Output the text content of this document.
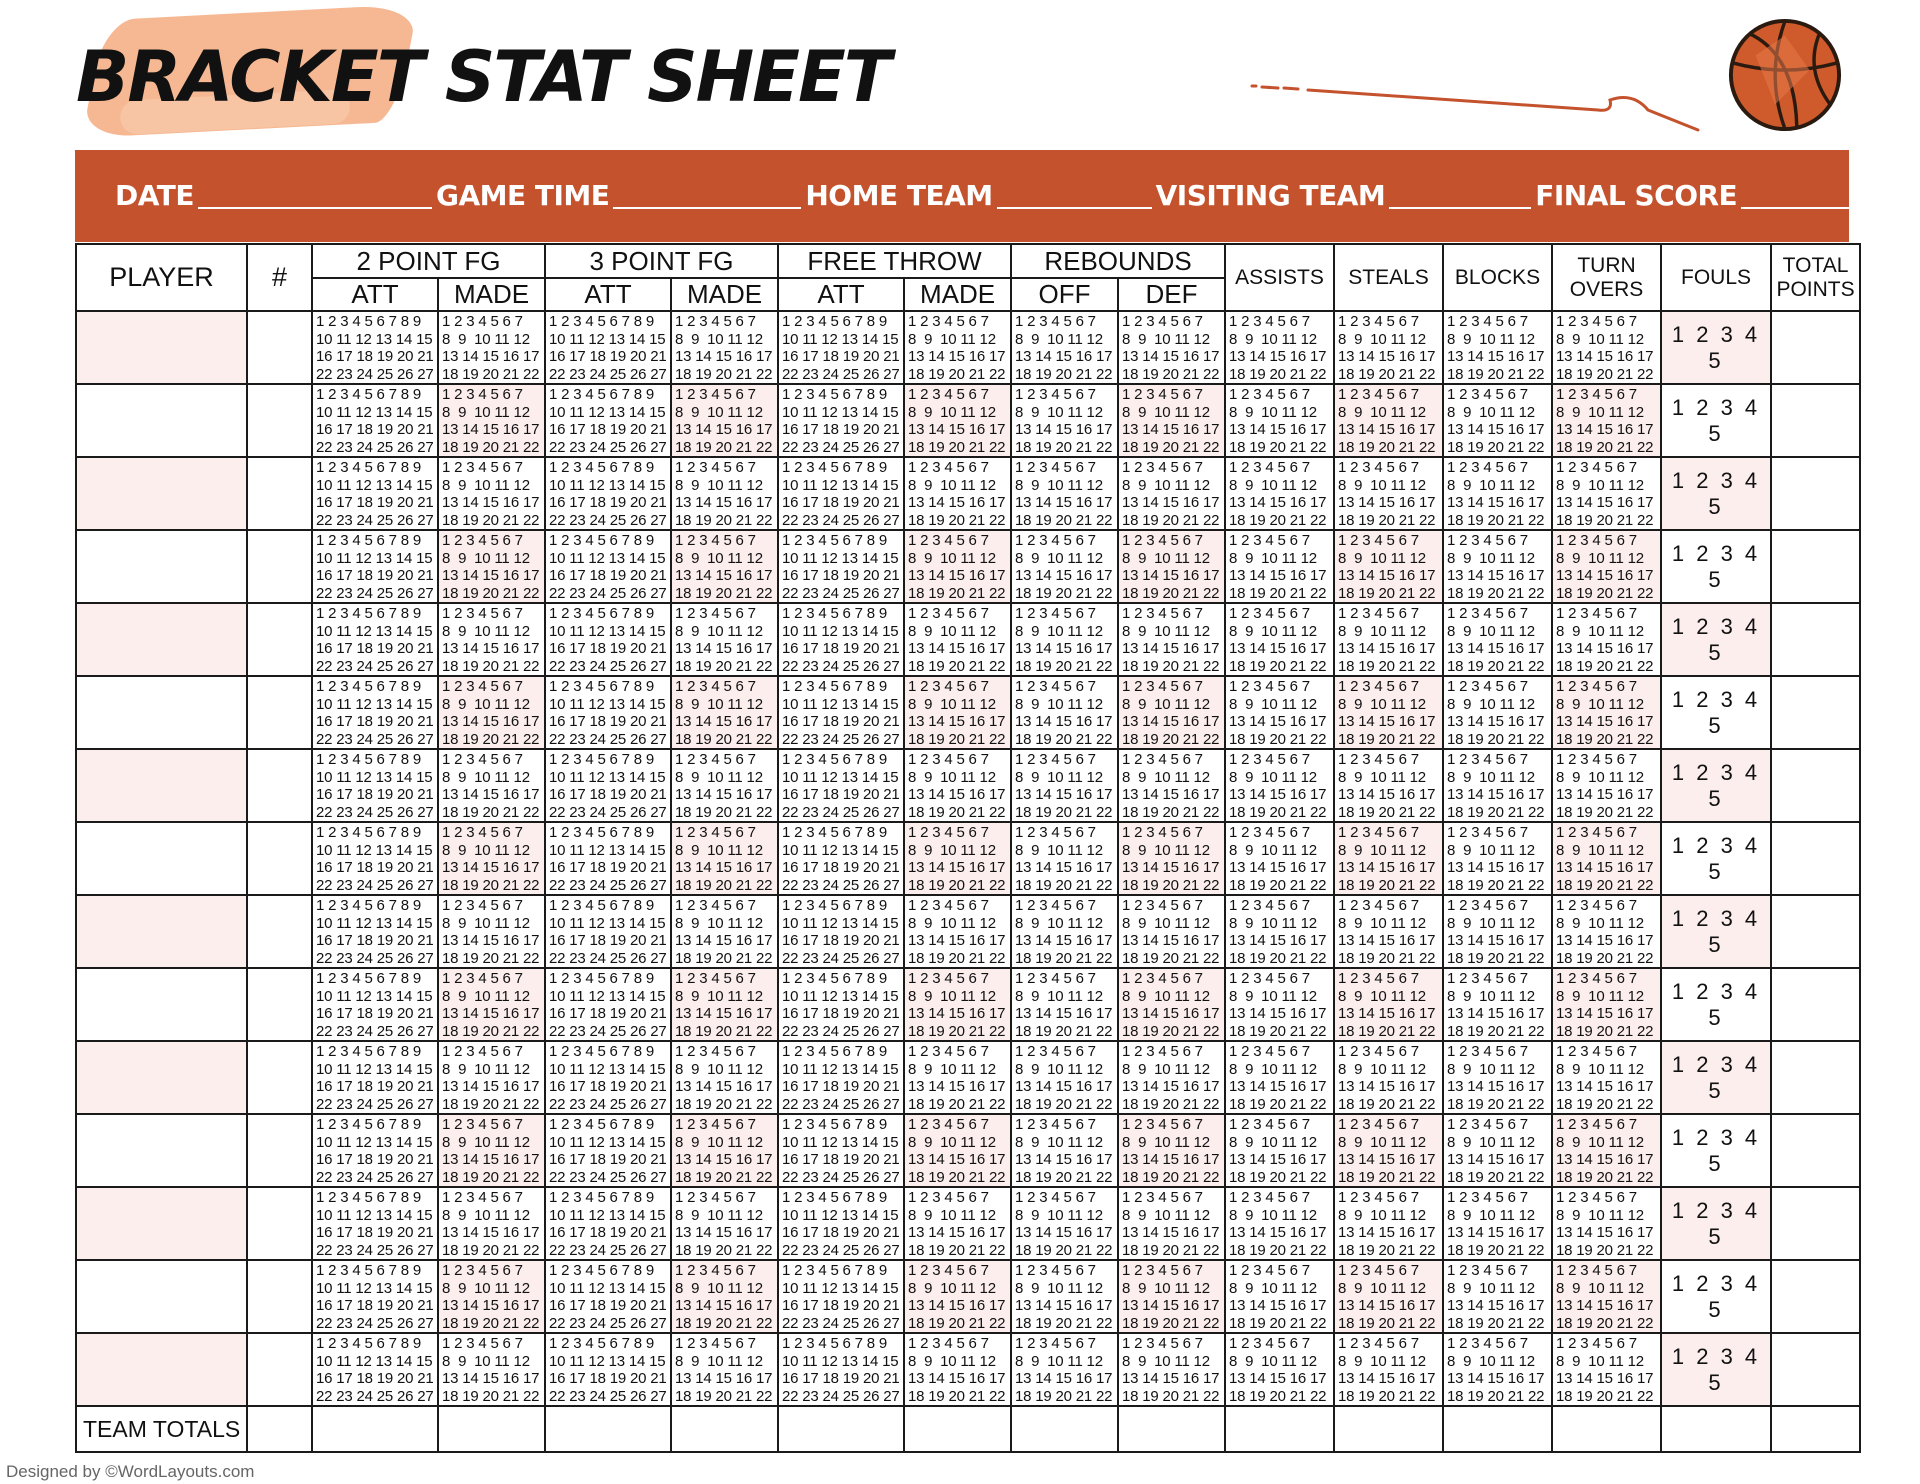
BRACKET STAT SHEET
DATE	GAME TIME	HOME TEAM	VISITING TEAM	FINAL SCORE
PLAYER	#	2 POINT FG		3 POINT FG		FREE THROW		REBOUNDS		ASSISTS	STEALS	BLOCKS	TURN OVERS	FOULS	TOTAL POINTS
		ATT	MADE	ATT	MADE	ATT	MADE	OFF	DEF						
		1 2 3 4 5 6 7 8 9
10 11 12 13 14 15
16 17 18 19 20 21
22 23 24 25 26 27	1 2 3 4 5 6 7
8  9  10 11 12
13 14 15 16 17
18 19 20 21 22	1 2 3 4 5 6 7 8 9
10 11 12 13 14 15
16 17 18 19 20 21
22 23 24 25 26 27	1 2 3 4 5 6 7
8  9  10 11 12
13 14 15 16 17
18 19 20 21 22	1 2 3 4 5 6 7 8 9
10 11 12 13 14 15
16 17 18 19 20 21
22 23 24 25 26 27	1 2 3 4 5 6 7
8  9  10 11 12
13 14 15 16 17
18 19 20 21 22	1 2 3 4 5 6 7
8  9  10 11 12
13 14 15 16 17
18 19 20 21 22	1 2 3 4 5 6 7
8  9  10 11 12
13 14 15 16 17
18 19 20 21 22	1 2 3 4 5 6 7
8  9  10 11 12
13 14 15 16 17
18 19 20 21 22	1 2 3 4 5 6 7
8  9  10 11 12
13 14 15 16 17
18 19 20 21 22	1 2 3 4 5 6 7
8  9  10 11 12
13 14 15 16 17
18 19 20 21 22	1 2 3 4 5 6 7
8  9  10 11 12
13 14 15 16 17
18 19 20 21 22	1 2 3 4 5	
		1 2 3 4 5 6 7 8 9
10 11 12 13 14 15
16 17 18 19 20 21
22 23 24 25 26 27	1 2 3 4 5 6 7
8  9  10 11 12
13 14 15 16 17
18 19 20 21 22	1 2 3 4 5 6 7 8 9
10 11 12 13 14 15
16 17 18 19 20 21
22 23 24 25 26 27	1 2 3 4 5 6 7
8  9  10 11 12
13 14 15 16 17
18 19 20 21 22	1 2 3 4 5 6 7 8 9
10 11 12 13 14 15
16 17 18 19 20 21
22 23 24 25 26 27	1 2 3 4 5 6 7
8  9  10 11 12
13 14 15 16 17
18 19 20 21 22	1 2 3 4 5 6 7
8  9  10 11 12
13 14 15 16 17
18 19 20 21 22	1 2 3 4 5 6 7
8  9  10 11 12
13 14 15 16 17
18 19 20 21 22	1 2 3 4 5 6 7
8  9  10 11 12
13 14 15 16 17
18 19 20 21 22	1 2 3 4 5 6 7
8  9  10 11 12
13 14 15 16 17
18 19 20 21 22	1 2 3 4 5 6 7
8  9  10 11 12
13 14 15 16 17
18 19 20 21 22	1 2 3 4 5 6 7
8  9  10 11 12
13 14 15 16 17
18 19 20 21 22	1 2 3 4 5	
		1 2 3 4 5 6 7 8 9
10 11 12 13 14 15
16 17 18 19 20 21
22 23 24 25 26 27	1 2 3 4 5 6 7
8  9  10 11 12
13 14 15 16 17
18 19 20 21 22	1 2 3 4 5 6 7 8 9
10 11 12 13 14 15
16 17 18 19 20 21
22 23 24 25 26 27	1 2 3 4 5 6 7
8  9  10 11 12
13 14 15 16 17
18 19 20 21 22	1 2 3 4 5 6 7 8 9
10 11 12 13 14 15
16 17 18 19 20 21
22 23 24 25 26 27	1 2 3 4 5 6 7
8  9  10 11 12
13 14 15 16 17
18 19 20 21 22	1 2 3 4 5 6 7
8  9  10 11 12
13 14 15 16 17
18 19 20 21 22	1 2 3 4 5 6 7
8  9  10 11 12
13 14 15 16 17
18 19 20 21 22	1 2 3 4 5 6 7
8  9  10 11 12
13 14 15 16 17
18 19 20 21 22	1 2 3 4 5 6 7
8  9  10 11 12
13 14 15 16 17
18 19 20 21 22	1 2 3 4 5 6 7
8  9  10 11 12
13 14 15 16 17
18 19 20 21 22	1 2 3 4 5 6 7
8  9  10 11 12
13 14 15 16 17
18 19 20 21 22	1 2 3 4 5	
		1 2 3 4 5 6 7 8 9
10 11 12 13 14 15
16 17 18 19 20 21
22 23 24 25 26 27	1 2 3 4 5 6 7
8  9  10 11 12
13 14 15 16 17
18 19 20 21 22	1 2 3 4 5 6 7 8 9
10 11 12 13 14 15
16 17 18 19 20 21
22 23 24 25 26 27	1 2 3 4 5 6 7
8  9  10 11 12
13 14 15 16 17
18 19 20 21 22	1 2 3 4 5 6 7 8 9
10 11 12 13 14 15
16 17 18 19 20 21
22 23 24 25 26 27	1 2 3 4 5 6 7
8  9  10 11 12
13 14 15 16 17
18 19 20 21 22	1 2 3 4 5 6 7
8  9  10 11 12
13 14 15 16 17
18 19 20 21 22	1 2 3 4 5 6 7
8  9  10 11 12
13 14 15 16 17
18 19 20 21 22	1 2 3 4 5 6 7
8  9  10 11 12
13 14 15 16 17
18 19 20 21 22	1 2 3 4 5 6 7
8  9  10 11 12
13 14 15 16 17
18 19 20 21 22	1 2 3 4 5 6 7
8  9  10 11 12
13 14 15 16 17
18 19 20 21 22	1 2 3 4 5 6 7
8  9  10 11 12
13 14 15 16 17
18 19 20 21 22	1 2 3 4 5	
		1 2 3 4 5 6 7 8 9
10 11 12 13 14 15
16 17 18 19 20 21
22 23 24 25 26 27	1 2 3 4 5 6 7
8  9  10 11 12
13 14 15 16 17
18 19 20 21 22	1 2 3 4 5 6 7 8 9
10 11 12 13 14 15
16 17 18 19 20 21
22 23 24 25 26 27	1 2 3 4 5 6 7
8  9  10 11 12
13 14 15 16 17
18 19 20 21 22	1 2 3 4 5 6 7 8 9
10 11 12 13 14 15
16 17 18 19 20 21
22 23 24 25 26 27	1 2 3 4 5 6 7
8  9  10 11 12
13 14 15 16 17
18 19 20 21 22	1 2 3 4 5 6 7
8  9  10 11 12
13 14 15 16 17
18 19 20 21 22	1 2 3 4 5 6 7
8  9  10 11 12
13 14 15 16 17
18 19 20 21 22	1 2 3 4 5 6 7
8  9  10 11 12
13 14 15 16 17
18 19 20 21 22	1 2 3 4 5 6 7
8  9  10 11 12
13 14 15 16 17
18 19 20 21 22	1 2 3 4 5 6 7
8  9  10 11 12
13 14 15 16 17
18 19 20 21 22	1 2 3 4 5 6 7
8  9  10 11 12
13 14 15 16 17
18 19 20 21 22	1 2 3 4 5	
		1 2 3 4 5 6 7 8 9
10 11 12 13 14 15
16 17 18 19 20 21
22 23 24 25 26 27	1 2 3 4 5 6 7
8  9  10 11 12
13 14 15 16 17
18 19 20 21 22	1 2 3 4 5 6 7 8 9
10 11 12 13 14 15
16 17 18 19 20 21
22 23 24 25 26 27	1 2 3 4 5 6 7
8  9  10 11 12
13 14 15 16 17
18 19 20 21 22	1 2 3 4 5 6 7 8 9
10 11 12 13 14 15
16 17 18 19 20 21
22 23 24 25 26 27	1 2 3 4 5 6 7
8  9  10 11 12
13 14 15 16 17
18 19 20 21 22	1 2 3 4 5 6 7
8  9  10 11 12
13 14 15 16 17
18 19 20 21 22	1 2 3 4 5 6 7
8  9  10 11 12
13 14 15 16 17
18 19 20 21 22	1 2 3 4 5 6 7
8  9  10 11 12
13 14 15 16 17
18 19 20 21 22	1 2 3 4 5 6 7
8  9  10 11 12
13 14 15 16 17
18 19 20 21 22	1 2 3 4 5 6 7
8  9  10 11 12
13 14 15 16 17
18 19 20 21 22	1 2 3 4 5 6 7
8  9  10 11 12
13 14 15 16 17
18 19 20 21 22	1 2 3 4 5	
		1 2 3 4 5 6 7 8 9
10 11 12 13 14 15
16 17 18 19 20 21
22 23 24 25 26 27	1 2 3 4 5 6 7
8  9  10 11 12
13 14 15 16 17
18 19 20 21 22	1 2 3 4 5 6 7 8 9
10 11 12 13 14 15
16 17 18 19 20 21
22 23 24 25 26 27	1 2 3 4 5 6 7
8  9  10 11 12
13 14 15 16 17
18 19 20 21 22	1 2 3 4 5 6 7 8 9
10 11 12 13 14 15
16 17 18 19 20 21
22 23 24 25 26 27	1 2 3 4 5 6 7
8  9  10 11 12
13 14 15 16 17
18 19 20 21 22	1 2 3 4 5 6 7
8  9  10 11 12
13 14 15 16 17
18 19 20 21 22	1 2 3 4 5 6 7
8  9  10 11 12
13 14 15 16 17
18 19 20 21 22	1 2 3 4 5 6 7
8  9  10 11 12
13 14 15 16 17
18 19 20 21 22	1 2 3 4 5 6 7
8  9  10 11 12
13 14 15 16 17
18 19 20 21 22	1 2 3 4 5 6 7
8  9  10 11 12
13 14 15 16 17
18 19 20 21 22	1 2 3 4 5 6 7
8  9  10 11 12
13 14 15 16 17
18 19 20 21 22	1 2 3 4 5	
		1 2 3 4 5 6 7 8 9
10 11 12 13 14 15
16 17 18 19 20 21
22 23 24 25 26 27	1 2 3 4 5 6 7
8  9  10 11 12
13 14 15 16 17
18 19 20 21 22	1 2 3 4 5 6 7 8 9
10 11 12 13 14 15
16 17 18 19 20 21
22 23 24 25 26 27	1 2 3 4 5 6 7
8  9  10 11 12
13 14 15 16 17
18 19 20 21 22	1 2 3 4 5 6 7 8 9
10 11 12 13 14 15
16 17 18 19 20 21
22 23 24 25 26 27	1 2 3 4 5 6 7
8  9  10 11 12
13 14 15 16 17
18 19 20 21 22	1 2 3 4 5 6 7
8  9  10 11 12
13 14 15 16 17
18 19 20 21 22	1 2 3 4 5 6 7
8  9  10 11 12
13 14 15 16 17
18 19 20 21 22	1 2 3 4 5 6 7
8  9  10 11 12
13 14 15 16 17
18 19 20 21 22	1 2 3 4 5 6 7
8  9  10 11 12
13 14 15 16 17
18 19 20 21 22	1 2 3 4 5 6 7
8  9  10 11 12
13 14 15 16 17
18 19 20 21 22	1 2 3 4 5 6 7
8  9  10 11 12
13 14 15 16 17
18 19 20 21 22	1 2 3 4 5	
		1 2 3 4 5 6 7 8 9
10 11 12 13 14 15
16 17 18 19 20 21
22 23 24 25 26 27	1 2 3 4 5 6 7
8  9  10 11 12
13 14 15 16 17
18 19 20 21 22	1 2 3 4 5 6 7 8 9
10 11 12 13 14 15
16 17 18 19 20 21
22 23 24 25 26 27	1 2 3 4 5 6 7
8  9  10 11 12
13 14 15 16 17
18 19 20 21 22	1 2 3 4 5 6 7 8 9
10 11 12 13 14 15
16 17 18 19 20 21
22 23 24 25 26 27	1 2 3 4 5 6 7
8  9  10 11 12
13 14 15 16 17
18 19 20 21 22	1 2 3 4 5 6 7
8  9  10 11 12
13 14 15 16 17
18 19 20 21 22	1 2 3 4 5 6 7
8  9  10 11 12
13 14 15 16 17
18 19 20 21 22	1 2 3 4 5 6 7
8  9  10 11 12
13 14 15 16 17
18 19 20 21 22	1 2 3 4 5 6 7
8  9  10 11 12
13 14 15 16 17
18 19 20 21 22	1 2 3 4 5 6 7
8  9  10 11 12
13 14 15 16 17
18 19 20 21 22	1 2 3 4 5 6 7
8  9  10 11 12
13 14 15 16 17
18 19 20 21 22	1 2 3 4 5	
		1 2 3 4 5 6 7 8 9
10 11 12 13 14 15
16 17 18 19 20 21
22 23 24 25 26 27	1 2 3 4 5 6 7
8  9  10 11 12
13 14 15 16 17
18 19 20 21 22	1 2 3 4 5 6 7 8 9
10 11 12 13 14 15
16 17 18 19 20 21
22 23 24 25 26 27	1 2 3 4 5 6 7
8  9  10 11 12
13 14 15 16 17
18 19 20 21 22	1 2 3 4 5 6 7 8 9
10 11 12 13 14 15
16 17 18 19 20 21
22 23 24 25 26 27	1 2 3 4 5 6 7
8  9  10 11 12
13 14 15 16 17
18 19 20 21 22	1 2 3 4 5 6 7
8  9  10 11 12
13 14 15 16 17
18 19 20 21 22	1 2 3 4 5 6 7
8  9  10 11 12
13 14 15 16 17
18 19 20 21 22	1 2 3 4 5 6 7
8  9  10 11 12
13 14 15 16 17
18 19 20 21 22	1 2 3 4 5 6 7
8  9  10 11 12
13 14 15 16 17
18 19 20 21 22	1 2 3 4 5 6 7
8  9  10 11 12
13 14 15 16 17
18 19 20 21 22	1 2 3 4 5 6 7
8  9  10 11 12
13 14 15 16 17
18 19 20 21 22	1 2 3 4 5	
		1 2 3 4 5 6 7 8 9
10 11 12 13 14 15
16 17 18 19 20 21
22 23 24 25 26 27	1 2 3 4 5 6 7
8  9  10 11 12
13 14 15 16 17
18 19 20 21 22	1 2 3 4 5 6 7 8 9
10 11 12 13 14 15
16 17 18 19 20 21
22 23 24 25 26 27	1 2 3 4 5 6 7
8  9  10 11 12
13 14 15 16 17
18 19 20 21 22	1 2 3 4 5 6 7 8 9
10 11 12 13 14 15
16 17 18 19 20 21
22 23 24 25 26 27	1 2 3 4 5 6 7
8  9  10 11 12
13 14 15 16 17
18 19 20 21 22	1 2 3 4 5 6 7
8  9  10 11 12
13 14 15 16 17
18 19 20 21 22	1 2 3 4 5 6 7
8  9  10 11 12
13 14 15 16 17
18 19 20 21 22	1 2 3 4 5 6 7
8  9  10 11 12
13 14 15 16 17
18 19 20 21 22	1 2 3 4 5 6 7
8  9  10 11 12
13 14 15 16 17
18 19 20 21 22	1 2 3 4 5 6 7
8  9  10 11 12
13 14 15 16 17
18 19 20 21 22	1 2 3 4 5 6 7
8  9  10 11 12
13 14 15 16 17
18 19 20 21 22	1 2 3 4 5	
		1 2 3 4 5 6 7 8 9
10 11 12 13 14 15
16 17 18 19 20 21
22 23 24 25 26 27	1 2 3 4 5 6 7
8  9  10 11 12
13 14 15 16 17
18 19 20 21 22	1 2 3 4 5 6 7 8 9
10 11 12 13 14 15
16 17 18 19 20 21
22 23 24 25 26 27	1 2 3 4 5 6 7
8  9  10 11 12
13 14 15 16 17
18 19 20 21 22	1 2 3 4 5 6 7 8 9
10 11 12 13 14 15
16 17 18 19 20 21
22 23 24 25 26 27	1 2 3 4 5 6 7
8  9  10 11 12
13 14 15 16 17
18 19 20 21 22	1 2 3 4 5 6 7
8  9  10 11 12
13 14 15 16 17
18 19 20 21 22	1 2 3 4 5 6 7
8  9  10 11 12
13 14 15 16 17
18 19 20 21 22	1 2 3 4 5 6 7
8  9  10 11 12
13 14 15 16 17
18 19 20 21 22	1 2 3 4 5 6 7
8  9  10 11 12
13 14 15 16 17
18 19 20 21 22	1 2 3 4 5 6 7
8  9  10 11 12
13 14 15 16 17
18 19 20 21 22	1 2 3 4 5 6 7
8  9  10 11 12
13 14 15 16 17
18 19 20 21 22	1 2 3 4 5	
		1 2 3 4 5 6 7 8 9
10 11 12 13 14 15
16 17 18 19 20 21
22 23 24 25 26 27	1 2 3 4 5 6 7
8  9  10 11 12
13 14 15 16 17
18 19 20 21 22	1 2 3 4 5 6 7 8 9
10 11 12 13 14 15
16 17 18 19 20 21
22 23 24 25 26 27	1 2 3 4 5 6 7
8  9  10 11 12
13 14 15 16 17
18 19 20 21 22	1 2 3 4 5 6 7 8 9
10 11 12 13 14 15
16 17 18 19 20 21
22 23 24 25 26 27	1 2 3 4 5 6 7
8  9  10 11 12
13 14 15 16 17
18 19 20 21 22	1 2 3 4 5 6 7
8  9  10 11 12
13 14 15 16 17
18 19 20 21 22	1 2 3 4 5 6 7
8  9  10 11 12
13 14 15 16 17
18 19 20 21 22	1 2 3 4 5 6 7
8  9  10 11 12
13 14 15 16 17
18 19 20 21 22	1 2 3 4 5 6 7
8  9  10 11 12
13 14 15 16 17
18 19 20 21 22	1 2 3 4 5 6 7
8  9  10 11 12
13 14 15 16 17
18 19 20 21 22	1 2 3 4 5 6 7
8  9  10 11 12
13 14 15 16 17
18 19 20 21 22	1 2 3 4 5	
		1 2 3 4 5 6 7 8 9
10 11 12 13 14 15
16 17 18 19 20 21
22 23 24 25 26 27	1 2 3 4 5 6 7
8  9  10 11 12
13 14 15 16 17
18 19 20 21 22	1 2 3 4 5 6 7 8 9
10 11 12 13 14 15
16 17 18 19 20 21
22 23 24 25 26 27	1 2 3 4 5 6 7
8  9  10 11 12
13 14 15 16 17
18 19 20 21 22	1 2 3 4 5 6 7 8 9
10 11 12 13 14 15
16 17 18 19 20 21
22 23 24 25 26 27	1 2 3 4 5 6 7
8  9  10 11 12
13 14 15 16 17
18 19 20 21 22	1 2 3 4 5 6 7
8  9  10 11 12
13 14 15 16 17
18 19 20 21 22	1 2 3 4 5 6 7
8  9  10 11 12
13 14 15 16 17
18 19 20 21 22	1 2 3 4 5 6 7
8  9  10 11 12
13 14 15 16 17
18 19 20 21 22	1 2 3 4 5 6 7
8  9  10 11 12
13 14 15 16 17
18 19 20 21 22	1 2 3 4 5 6 7
8  9  10 11 12
13 14 15 16 17
18 19 20 21 22	1 2 3 4 5 6 7
8  9  10 11 12
13 14 15 16 17
18 19 20 21 22	1 2 3 4 5	
		1 2 3 4 5 6 7 8 9
10 11 12 13 14 15
16 17 18 19 20 21
22 23 24 25 26 27	1 2 3 4 5 6 7
8  9  10 11 12
13 14 15 16 17
18 19 20 21 22	1 2 3 4 5 6 7 8 9
10 11 12 13 14 15
16 17 18 19 20 21
22 23 24 25 26 27	1 2 3 4 5 6 7
8  9  10 11 12
13 14 15 16 17
18 19 20 21 22	1 2 3 4 5 6 7 8 9
10 11 12 13 14 15
16 17 18 19 20 21
22 23 24 25 26 27	1 2 3 4 5 6 7
8  9  10 11 12
13 14 15 16 17
18 19 20 21 22	1 2 3 4 5 6 7
8  9  10 11 12
13 14 15 16 17
18 19 20 21 22	1 2 3 4 5 6 7
8  9  10 11 12
13 14 15 16 17
18 19 20 21 22	1 2 3 4 5 6 7
8  9  10 11 12
13 14 15 16 17
18 19 20 21 22	1 2 3 4 5 6 7
8  9  10 11 12
13 14 15 16 17
18 19 20 21 22	1 2 3 4 5 6 7
8  9  10 11 12
13 14 15 16 17
18 19 20 21 22	1 2 3 4 5 6 7
8  9  10 11 12
13 14 15 16 17
18 19 20 21 22	1 2 3 4 5	
TEAM TOTALS															
Designed by ©WordLayouts.com
